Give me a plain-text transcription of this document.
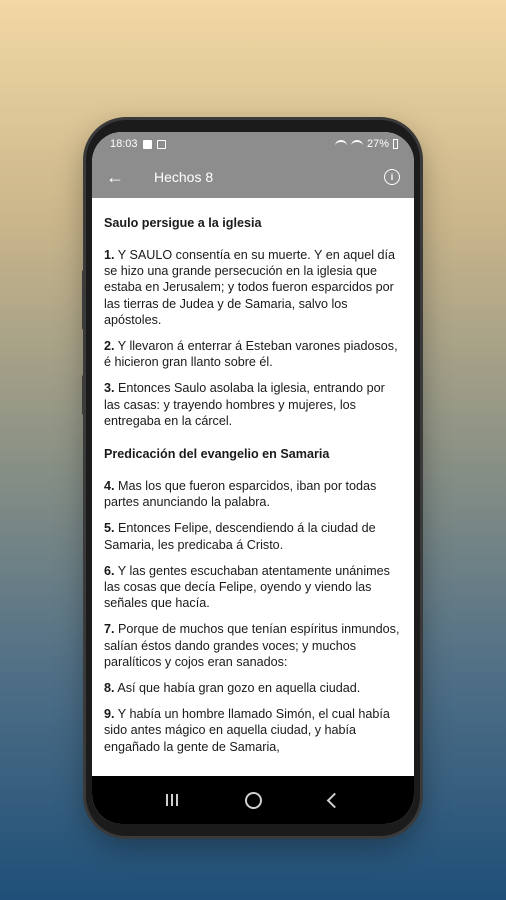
18:03	27%
← Hechos 8	i
Saulo persigue a la iglesia
1. Y SAULO consentía en su muerte. Y en aquel día se hizo una grande persecución en la iglesia que estaba en Jerusalem; y todos fueron esparcidos por las tierras de Judea y de Samaria, salvo los apóstoles.
2. Y llevaron á enterrar á Esteban varones piadosos, é hicieron gran llanto sobre él.
3. Entonces Saulo asolaba la iglesia, entrando por las casas: y trayendo hombres y mujeres, los entregaba en la cárcel.
Predicación del evangelio en Samaria
4. Mas los que fueron esparcidos, iban por todas partes anunciando la palabra.
5. Entonces Felipe, descendiendo á la ciudad de Samaria, les predicaba á Cristo.
6. Y las gentes escuchaban atentamente unánimes las cosas que decía Felipe, oyendo y viendo las señales que hacía.
7. Porque de muchos que tenían espíritus inmundos, salían éstos dando grandes voces; y muchos paralíticos y cojos eran sanados:
8. Así que había gran gozo en aquella ciudad.
9. Y había un hombre llamado Simón, el cual había sido antes mágico en aquella ciudad, y había engañado la gente de Samaria,
